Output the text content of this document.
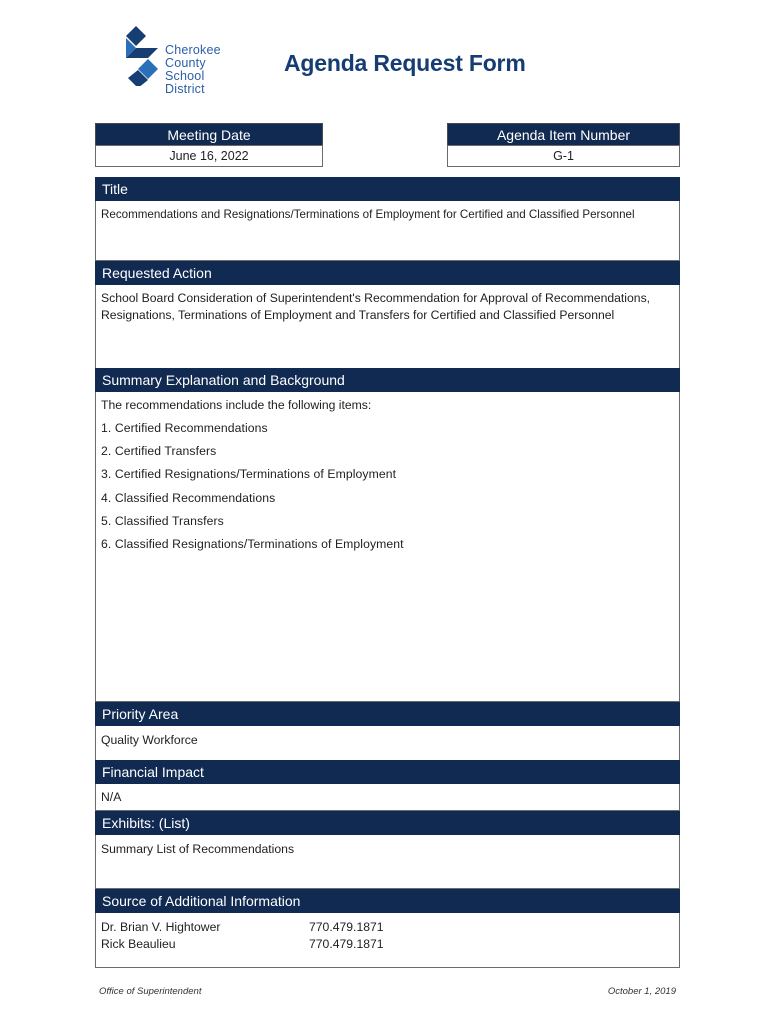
Cherokee
County
School
District
Agenda Request Form
Meeting Date
June 16, 2022
Agenda Item Number
G-1
Title
Recommendations and Resignations/Terminations of Employment for Certified and Classified Personnel
Requested Action
School Board Consideration of Superintendent's Recommendation for Approval of Recommendations, Resignations, Terminations of Employment and Transfers for Certified and Classified Personnel
Summary Explanation and Background
The recommendations include the following items:
1. Certified Recommendations
2. Certified Transfers
3. Certified Resignations/Terminations of Employment
4. Classified Recommendations
5. Classified Transfers
6. Classified Resignations/Terminations of Employment
Priority Area
Quality Workforce
Financial Impact
N/A
Exhibits: (List)
Summary List of Recommendations
Source of Additional Information
Dr. Brian V. Hightower	770.479.1871
Rick Beaulieu	770.479.1871
Office of Superintendent	October 1, 2019
